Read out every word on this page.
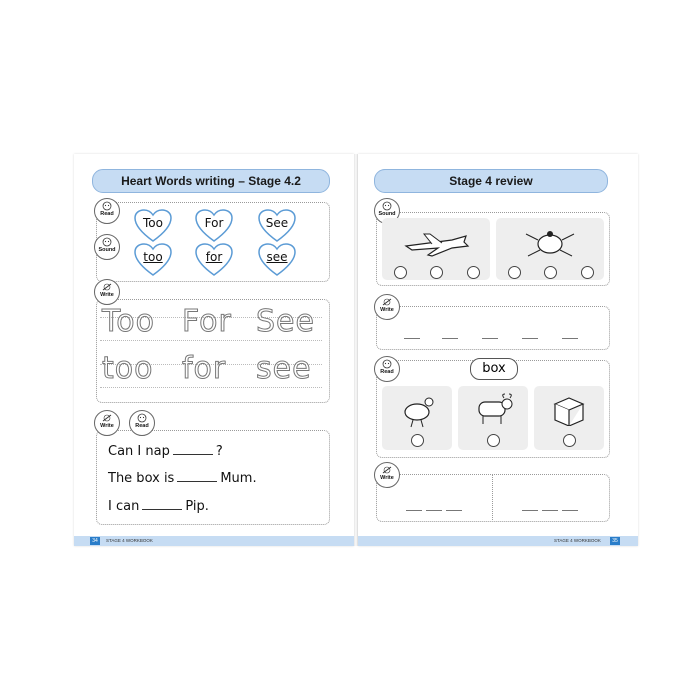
Heart Words writing – Stage 4.2
Read
Sound
Too	For	See
too	for	see
Write
Too For See
too for see
Write	Read
Can I nap	?
The box is	Mum.
I can	Pip.
34	STAGE 4 WORKBOOK
Stage 4 review
Sound
Write
Read	box
Write
STAGE 4 WORKBOOK	35
